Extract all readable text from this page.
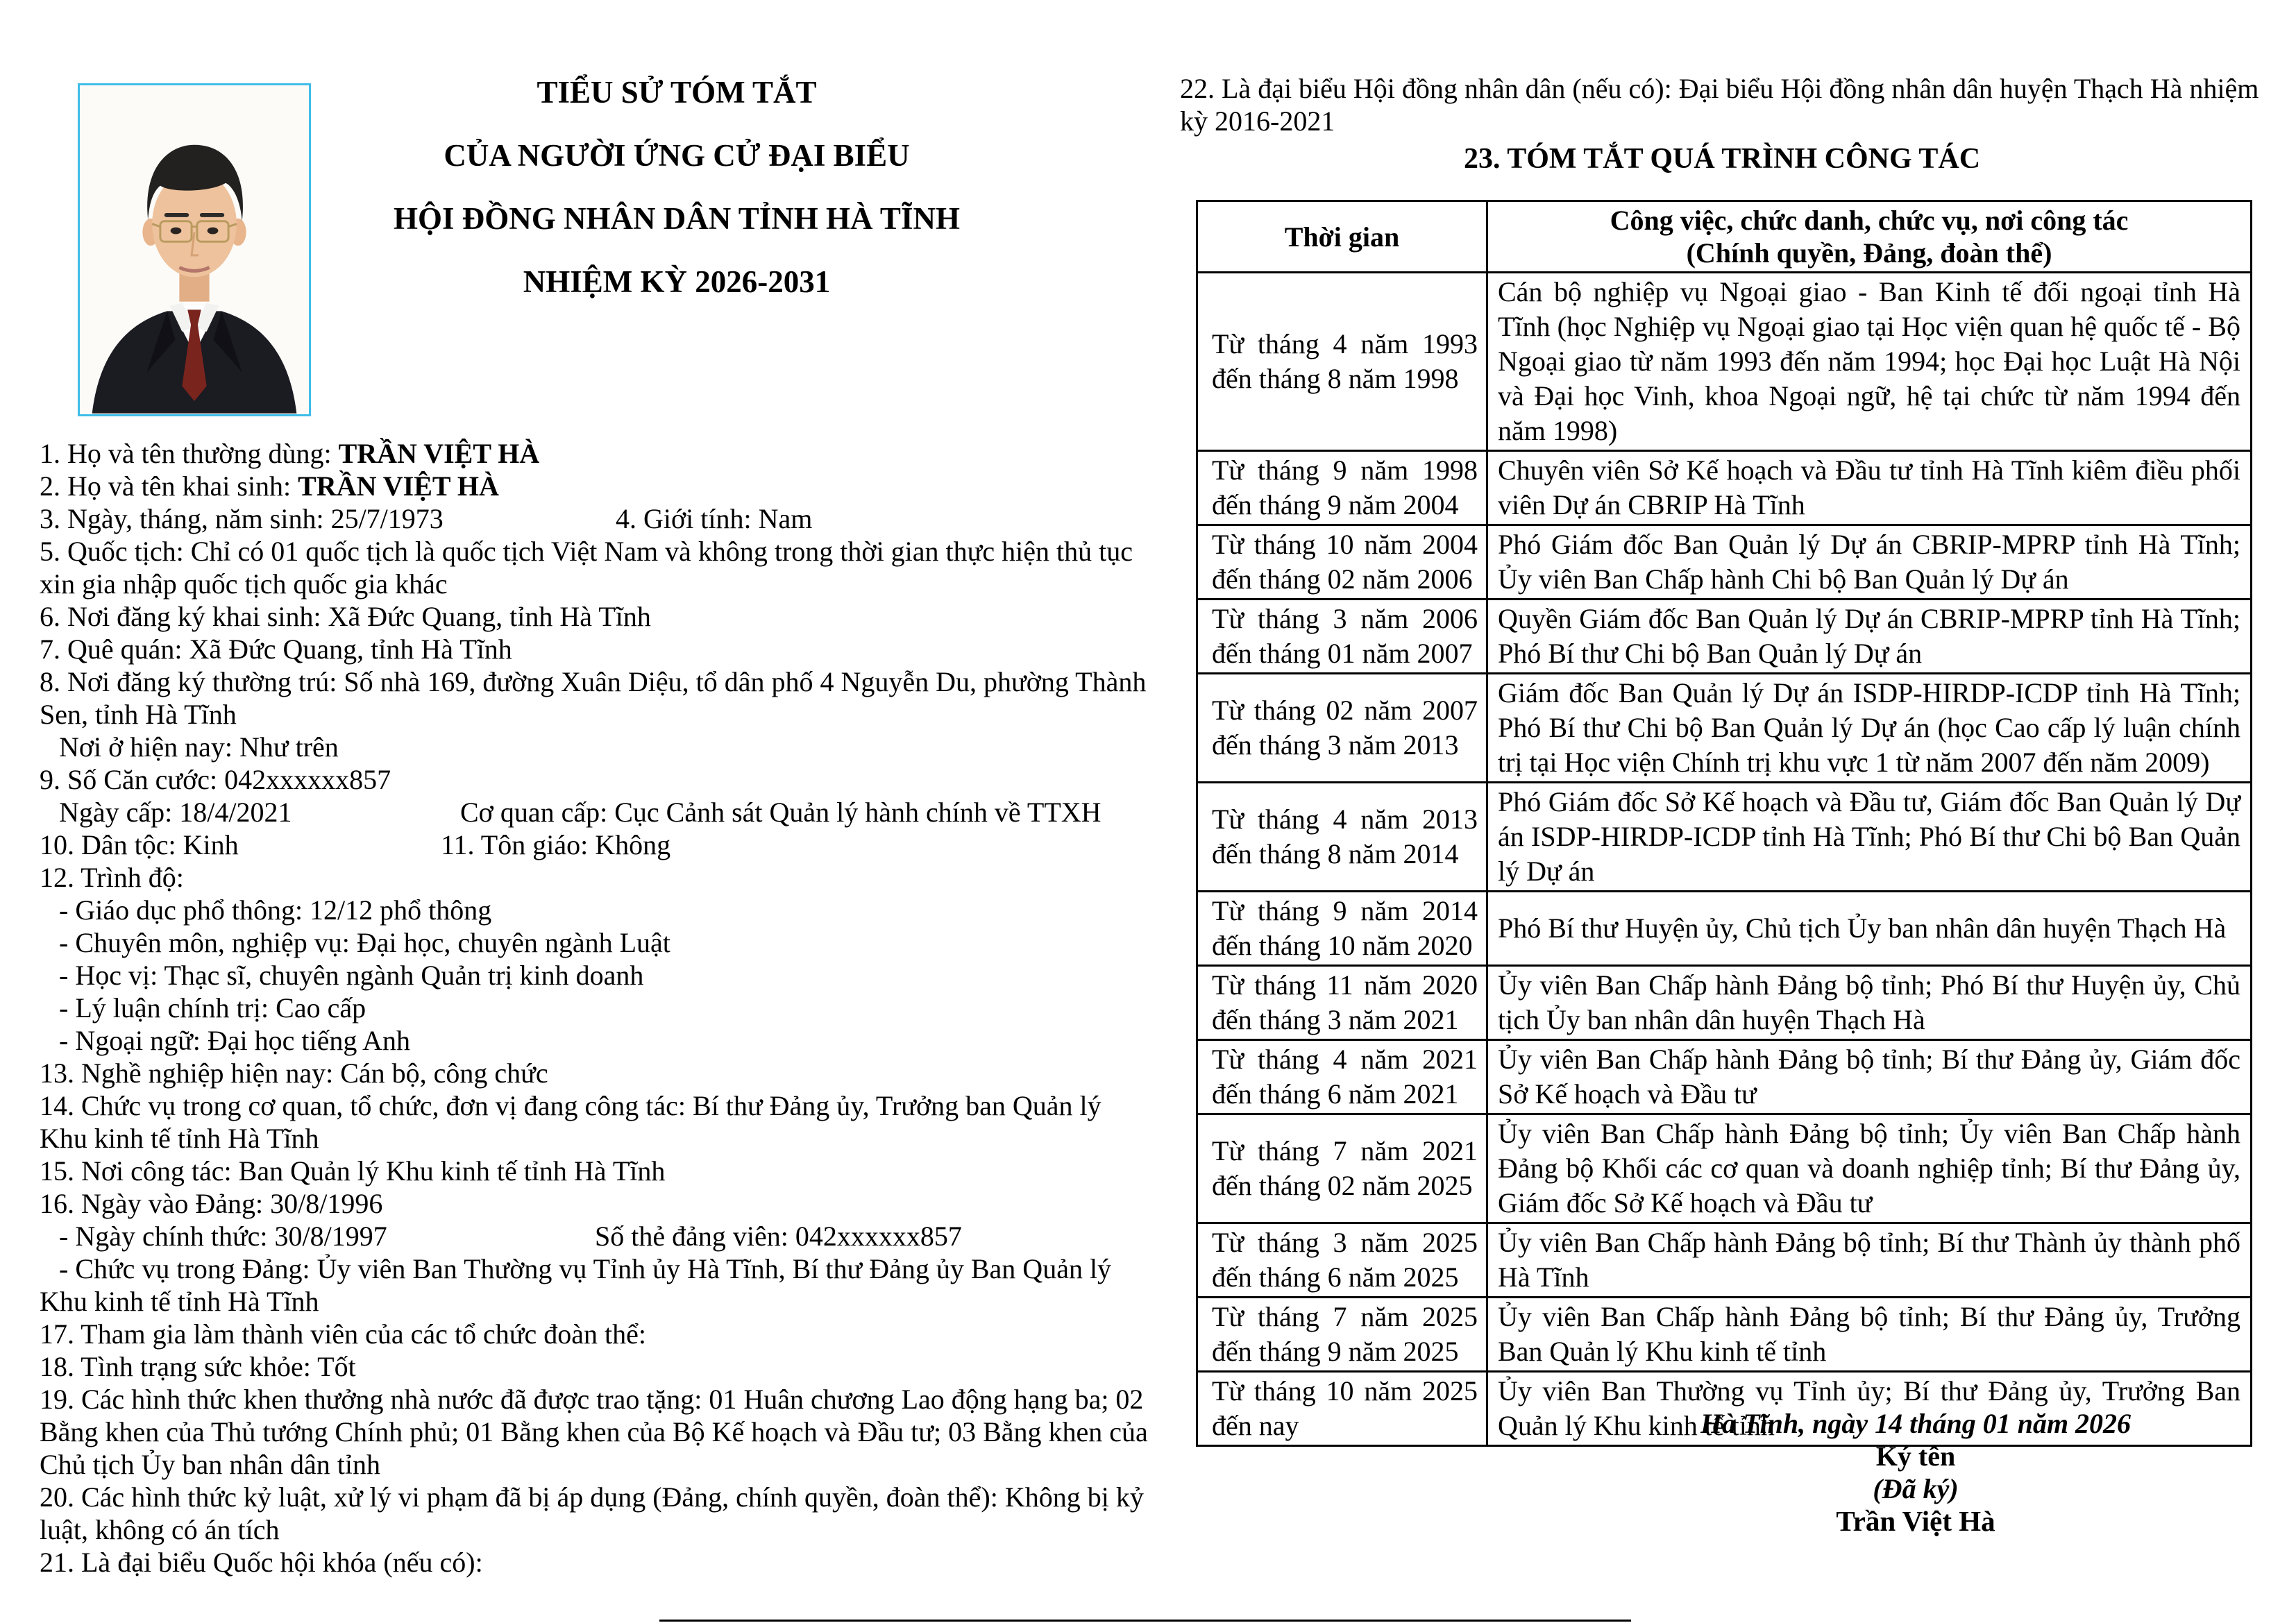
TIỂU SỬ TÓM TẮT
CỦA NGƯỜI ỨNG CỬ ĐẠI BIỂU
HỘI ĐỒNG NHÂN DÂN TỈNH HÀ TĨNH
NHIỆM KỲ 2026-2031

1. Họ và tên thường dùng: TRẦN VIỆT HÀ

2. Họ và tên khai sinh: TRẦN VIỆT HÀ

3. Ngày, tháng, năm sinh: 25/7/1973	4. Giới tính: Nam

5. Quốc tịch: Chỉ có 01 quốc tịch là quốc tịch Việt Nam và không trong thời gian thực hiện thủ tục xin gia nhập quốc tịch quốc gia khác

6. Nơi đăng ký khai sinh: Xã Đức Quang, tỉnh Hà Tĩnh

7. Quê quán: Xã Đức Quang, tỉnh Hà Tĩnh

8. Nơi đăng ký thường trú: Số nhà 169, đường Xuân Diệu, tổ dân phố 4 Nguyễn Du, phường Thành Sen, tỉnh Hà Tĩnh

Nơi ở hiện nay: Như trên

9. Số Căn cước: 042xxxxxx857

Ngày cấp: 18/4/2021	Cơ quan cấp: Cục Cảnh sát Quản lý hành chính về TTXH

10. Dân tộc: Kinh	11. Tôn giáo: Không

12. Trình độ:

- Giáo dục phổ thông: 12/12 phổ thông

- Chuyên môn, nghiệp vụ: Đại học, chuyên ngành Luật

- Học vị: Thạc sĩ, chuyên ngành Quản trị kinh doanh

- Lý luận chính trị: Cao cấp

- Ngoại ngữ: Đại học tiếng Anh

13. Nghề nghiệp hiện nay: Cán bộ, công chức

14. Chức vụ trong cơ quan, tổ chức, đơn vị đang công tác: Bí thư Đảng ủy, Trưởng ban Quản lý Khu kinh tế tỉnh Hà Tĩnh

15. Nơi công tác: Ban Quản lý Khu kinh tế tỉnh Hà Tĩnh

16. Ngày vào Đảng: 30/8/1996

- Ngày chính thức: 30/8/1997	Số thẻ đảng viên: 042xxxxxx857

- Chức vụ trong Đảng: Ủy viên Ban Thường vụ Tỉnh ủy Hà Tĩnh, Bí thư Đảng ủy Ban Quản lý Khu kinh tế tỉnh Hà Tĩnh

17. Tham gia làm thành viên của các tổ chức đoàn thể:

18. Tình trạng sức khỏe: Tốt

19. Các hình thức khen thưởng nhà nước đã được trao tặng: 01 Huân chương Lao động hạng ba; 02 Bằng khen của Thủ tướng Chính phủ; 01 Bằng khen của Bộ Kế hoạch và Đầu tư; 03 Bằng khen của Chủ tịch Ủy ban nhân dân tỉnh

20. Các hình thức kỷ luật, xử lý vi phạm đã bị áp dụng (Đảng, chính quyền, đoàn thể): Không bị kỷ luật, không có án tích

21. Là đại biểu Quốc hội khóa (nếu có):

22. Là đại biểu Hội đồng nhân dân (nếu có): Đại biểu Hội đồng nhân dân huyện Thạch Hà nhiệm kỳ 2016-2021
23. TÓM TẮT QUÁ TRÌNH CÔNG TÁC
Thời gian	Công việc, chức danh, chức vụ, nơi công tác
(Chính quyền, Đảng, đoàn thể)

Từ tháng 4 năm 1993 đến tháng 8 năm 1998	Cán bộ nghiệp vụ Ngoại giao - Ban Kinh tế đối ngoại tỉnh Hà Tĩnh (học Nghiệp vụ Ngoại giao tại Học viện quan hệ quốc tế - Bộ Ngoại giao từ năm 1993 đến năm 1994; học Đại học Luật Hà Nội và Đại học Vinh, khoa Ngoại ngữ, hệ tại chức từ năm 1994 đến năm 1998)
Từ tháng 9 năm 1998 đến tháng 9 năm 2004	Chuyên viên Sở Kế hoạch và Đầu tư tỉnh Hà Tĩnh kiêm điều phối viên Dự án CBRIP Hà Tĩnh
Từ tháng 10 năm 2004 đến tháng 02 năm 2006	Phó Giám đốc Ban Quản lý Dự án CBRIP-MPRP tỉnh Hà Tĩnh; Ủy viên Ban Chấp hành Chi bộ Ban Quản lý Dự án
Từ tháng 3 năm 2006 đến tháng 01 năm 2007	Quyền Giám đốc Ban Quản lý Dự án CBRIP-MPRP tỉnh Hà Tĩnh; Phó Bí thư Chi bộ Ban Quản lý Dự án
Từ tháng 02 năm 2007 đến tháng 3 năm 2013	Giám đốc Ban Quản lý Dự án ISDP-HIRDP-ICDP tỉnh Hà Tĩnh; Phó Bí thư Chi bộ Ban Quản lý Dự án (học Cao cấp lý luận chính trị tại Học viện Chính trị khu vực 1 từ năm 2007 đến năm 2009)
Từ tháng 4 năm 2013 đến tháng 8 năm 2014	Phó Giám đốc Sở Kế hoạch và Đầu tư, Giám đốc Ban Quản lý Dự án ISDP-HIRDP-ICDP tỉnh Hà Tĩnh; Phó Bí thư Chi bộ Ban Quản lý Dự án
Từ tháng 9 năm 2014 đến tháng 10 năm 2020	Phó Bí thư Huyện ủy, Chủ tịch Ủy ban nhân dân huyện Thạch Hà
Từ tháng 11 năm 2020 đến tháng 3 năm 2021	Ủy viên Ban Chấp hành Đảng bộ tỉnh; Phó Bí thư Huyện ủy, Chủ tịch Ủy ban nhân dân huyện Thạch Hà
Từ tháng 4 năm 2021 đến tháng 6 năm 2021	Ủy viên Ban Chấp hành Đảng bộ tỉnh; Bí thư Đảng ủy, Giám đốc Sở Kế hoạch và Đầu tư
Từ tháng 7 năm 2021 đến tháng 02 năm 2025	Ủy viên Ban Chấp hành Đảng bộ tỉnh; Ủy viên Ban Chấp hành Đảng bộ Khối các cơ quan và doanh nghiệp tỉnh; Bí thư Đảng ủy, Giám đốc Sở Kế hoạch và Đầu tư
Từ tháng 3 năm 2025 đến tháng 6 năm 2025	Ủy viên Ban Chấp hành Đảng bộ tỉnh; Bí thư Thành ủy thành phố Hà Tĩnh
Từ tháng 7 năm 2025 đến tháng 9 năm 2025	Ủy viên Ban Chấp hành Đảng bộ tỉnh; Bí thư Đảng ủy, Trưởng Ban Quản lý Khu kinh tế tỉnh
Từ tháng 10 năm 2025 đến nay	Ủy viên Ban Thường vụ Tỉnh ủy; Bí thư Đảng ủy, Trưởng Ban Quản lý Khu kinh tế tỉnh
Hà Tĩnh, ngày 14 tháng 01 năm 2026
Ký tên
(Đã ký)
Trần Việt Hà
